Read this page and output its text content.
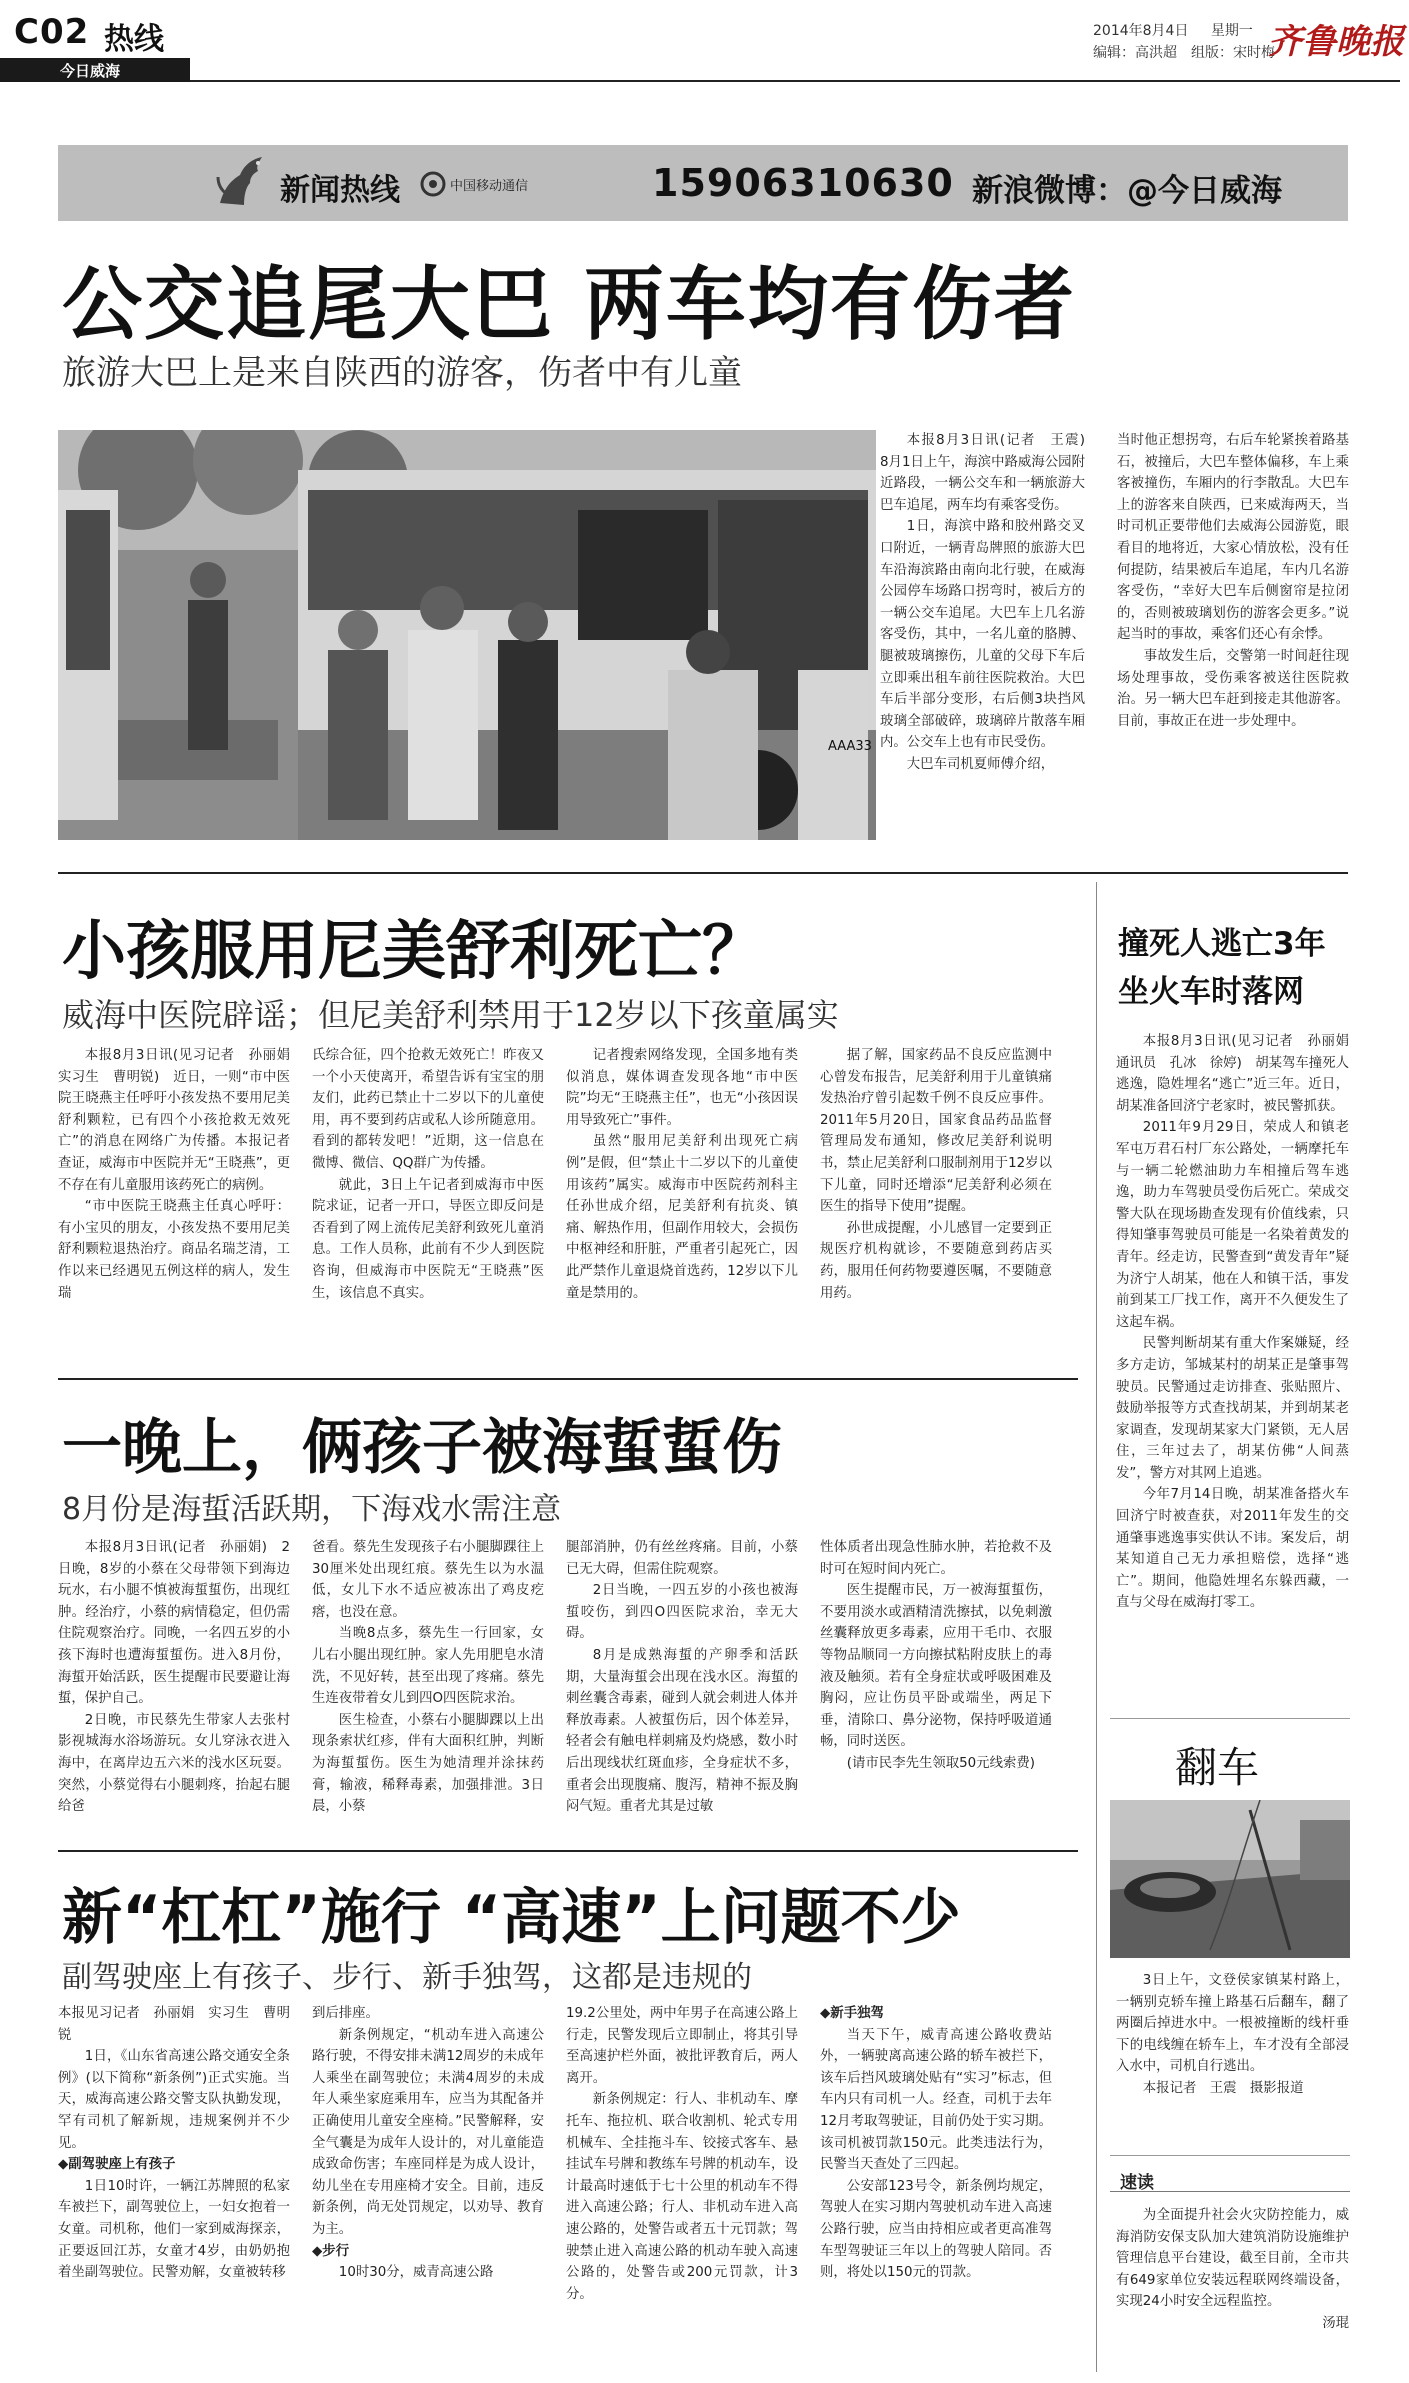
C02 热线
今日威海
2014年8月4日 星期一
编辑：高洪超　组版：宋时梅
齐鲁晚报
新闻热线	中国移动通信	15906310630 新浪微博：@今日威海
公交追尾大巴 两车均有伤者
旅游大巴上是来自陕西的游客，伤者中有儿童
AAA33

本报8月3日讯(记者　王震)　8月1日上午，海滨中路威海公园附近路段，一辆公交车和一辆旅游大巴车追尾，两车均有乘客受伤。

1日，海滨中路和胶州路交叉口附近，一辆青岛牌照的旅游大巴车沿海滨路由南向北行驶，在威海公园停车场路口拐弯时，被后方的一辆公交车追尾。大巴车上几名游客受伤，其中，一名儿童的胳膊、腿被玻璃擦伤，儿童的父母下车后立即乘出租车前往医院救治。大巴车后半部分变形，右后侧3块挡风玻璃全部破碎，玻璃碎片散落车厢内。公交车上也有市民受伤。

大巴车司机夏师傅介绍，

当时他正想拐弯，右后车轮紧挨着路基石，被撞后，大巴车整体偏移，车上乘客被撞伤，车厢内的行李散乱。大巴车上的游客来自陕西，已来威海两天，当时司机正要带他们去威海公园游览，眼看目的地将近，大家心情放松，没有任何提防，结果被后车追尾，车内几名游客受伤，“幸好大巴车后侧窗帘是拉闭的，否则被玻璃划伤的游客会更多。”说起当时的事故，乘客们还心有余悸。

事故发生后，交警第一时间赶往现场处理事故，受伤乘客被送往医院救治。另一辆大巴车赶到接走其他游客。目前，事故正在进一步处理中。

小孩服用尼美舒利死亡？
威海中医院辟谣；但尼美舒利禁用于12岁以下孩童属实

本报8月3日讯(见习记者　孙丽娟　实习生　曹明锐)　近日，一则“市中医院王晓燕主任呼吁小孩发热不要用尼美舒利颗粒，已有四个小孩抢救无效死亡”的消息在网络广为传播。本报记者查证，威海市中医院并无“王晓燕”，更不存在有儿童服用该药死亡的病例。

“市中医院王晓燕主任真心呼吁：有小宝贝的朋友，小孩发热不要用尼美舒利颗粒退热治疗。商品名瑞芝清，工作以来已经遇见五例这样的病人，发生瑞

氏综合征，四个抢救无效死亡！昨夜又一个小天使离开，希望告诉有宝宝的朋友们，此药已禁止十二岁以下的儿童使用，再不要到药店或私人诊所随意用。看到的都转发吧！”近期，这一信息在微博、微信、QQ群广为传播。

就此，3日上午记者到威海市中医院求证，记者一开口，导医立即反问是否看到了网上流传尼美舒利致死儿童消息。工作人员称，此前有不少人到医院咨询，但威海市中医院无“王晓燕”医生，该信息不真实。

记者搜索网络发现，全国多地有类似消息，媒体调查发现各地“市中医院”均无“王晓燕主任”，也无“小孩因误用导致死亡”事件。

虽然“服用尼美舒利出现死亡病例”是假，但“禁止十二岁以下的儿童使用该药”属实。威海市中医院药剂科主任孙世成介绍，尼美舒利有抗炎、镇痛、解热作用，但副作用较大，会损伤中枢神经和肝脏，严重者引起死亡，因此严禁作儿童退烧首选药，12岁以下儿童是禁用的。

据了解，国家药品不良反应监测中心曾发布报告，尼美舒利用于儿童镇痛发热治疗曾引起数千例不良反应事件。2011年5月20日，国家食品药品监督管理局发布通知，修改尼美舒利说明书，禁止尼美舒利口服制剂用于12岁以下儿童，同时还增添“尼美舒利必须在医生的指导下使用”提醒。

孙世成提醒，小儿感冒一定要到正规医疗机构就诊，不要随意到药店买药，服用任何药物要遵医嘱，不要随意用药。

一晚上，俩孩子被海蜇蜇伤
8月份是海蜇活跃期，下海戏水需注意

本报8月3日讯(记者　孙丽娟)　2日晚，8岁的小蔡在父母带领下到海边玩水，右小腿不慎被海蜇蜇伤，出现红肿。经治疗，小蔡的病情稳定，但仍需住院观察治疗。同晚，一名四五岁的小孩下海时也遭海蜇蜇伤。进入8月份，海蜇开始活跃，医生提醒市民要避让海蜇，保护自己。

2日晚，市民蔡先生带家人去张村影视城海水浴场游玩。女儿穿泳衣进入海中，在离岸边五六米的浅水区玩耍。突然，小蔡觉得右小腿刺疼，抬起右腿给爸

爸看。蔡先生发现孩子右小腿脚踝往上30厘米处出现红痕。蔡先生以为水温低，女儿下水不适应被冻出了鸡皮疙瘩，也没在意。

当晚8点多，蔡先生一行回家，女儿右小腿出现红肿。家人先用肥皂水清洗，不见好转，甚至出现了疼痛。蔡先生连夜带着女儿到四O四医院求治。

医生检查，小蔡右小腿脚踝以上出现条索状红疹，伴有大面积红肿，判断为海蜇蜇伤。医生为她清理并涂抹药膏，输液，稀释毒素，加强排泄。3日晨，小蔡

腿部消肿，仍有丝丝疼痛。目前，小蔡已无大碍，但需住院观察。

2日当晚，一四五岁的小孩也被海蜇咬伤，到四O四医院求治，幸无大碍。

8月是成熟海蜇的产卵季和活跃期，大量海蜇会出现在浅水区。海蜇的刺丝囊含毒素，碰到人就会刺进人体并释放毒素。人被蜇伤后，因个体差异，轻者会有触电样刺痛及灼烧感，数小时后出现线状红斑血疹，全身症状不多，重者会出现腹痛、腹泻，精神不振及胸闷气短。重者尤其是过敏

性体质者出现急性肺水肿，若抢救不及时可在短时间内死亡。

医生提醒市民，万一被海蜇蜇伤，不要用淡水或酒精清洗擦拭，以免刺激丝囊释放更多毒素，应用干毛巾、衣服等物品顺同一方向擦拭粘附皮肤上的毒液及触须。若有全身症状或呼吸困难及胸闷，应让伤员平卧或端坐，两足下垂，清除口、鼻分泌物，保持呼吸道通畅，同时送医。

(请市民李先生领取50元线索费)

新“杠杠”施行 “高速”上问题不少
副驾驶座上有孩子、步行、新手独驾，这都是违规的

本报见习记者　孙丽娟　实习生　曹明锐

1日，《山东省高速公路交通安全条例》(以下简称“新条例”)正式实施。当天，威海高速公路交警支队执勤发现，罕有司机了解新规，违规案例并不少见。

◆副驾驶座上有孩子

1日10时许，一辆江苏牌照的私家车被拦下，副驾驶位上，一妇女抱着一女童。司机称，他们一家到威海探亲，正要返回江苏，女童才4岁，由奶奶抱着坐副驾驶位。民警劝解，女童被转移

到后排座。

新条例规定，“机动车进入高速公路行驶，不得安排未满12周岁的未成年人乘坐在副驾驶位；未满4周岁的未成年人乘坐家庭乘用车，应当为其配备并正确使用儿童安全座椅。”民警解释，安全气囊是为成年人设计的，对儿童能造成致命伤害；车座同样是为成人设计，幼儿坐在专用座椅才安全。目前，违反新条例，尚无处罚规定，以劝导、教育为主。

◆步行

10时30分，威青高速公路

19.2公里处，两中年男子在高速公路上行走，民警发现后立即制止，将其引导至高速护栏外面，被批评教育后，两人离开。

新条例规定：行人、非机动车、摩托车、拖拉机、联合收割机、轮式专用机械车、全挂拖斗车、铰接式客车、悬挂试车号牌和教练车号牌的机动车，设计最高时速低于七十公里的机动车不得进入高速公路；行人、非机动车进入高速公路的，处警告或者五十元罚款；驾驶禁止进入高速公路的机动车驶入高速公路的，处警告或200元罚款，计3分。

◆新手独驾

当天下午，威青高速公路收费站外，一辆驶离高速公路的轿车被拦下，该车后挡风玻璃处贴有“实习”标志，但车内只有司机一人。经查，司机于去年12月考取驾驶证，目前仍处于实习期。该司机被罚款150元。此类违法行为，民警当天查处了三四起。

公安部123号令，新条例均规定，驾驶人在实习期内驾驶机动车进入高速公路行驶，应当由持相应或者更高准驾车型驾驶证三年以上的驾驶人陪同。否则，将处以150元的罚款。

撞死人逃亡3年
坐火车时落网

本报8月3日讯(见习记者　孙丽娟　通讯员　孔冰　徐婷)　胡某驾车撞死人逃逸，隐姓埋名“逃亡”近三年。近日，胡某准备回济宁老家时，被民警抓获。

2011年9月29日，荣成人和镇老军屯万君石村厂东公路处，一辆摩托车与一辆二轮燃油助力车相撞后驾车逃逸，助力车驾驶员受伤后死亡。荣成交警大队在现场勘查发现有价值线索，只得知肇事驾驶员可能是一名染着黄发的青年。经走访，民警查到“黄发青年”疑为济宁人胡某，他在人和镇干活，事发前到某工厂找工作，离开不久便发生了这起车祸。

民警判断胡某有重大作案嫌疑，经多方走访，邹城某村的胡某正是肇事驾驶员。民警通过走访排查、张贴照片、鼓励举报等方式查找胡某，并到胡某老家调查，发现胡某家大门紧锁，无人居住，三年过去了，胡某仿佛“人间蒸发”，警方对其网上追逃。

今年7月14日晚，胡某准备搭火车回济宁时被查获，对2011年发生的交通肇事逃逸事实供认不讳。案发后，胡某知道自己无力承担赔偿，选择“逃亡”。期间，他隐姓埋名东躲西藏，一直与父母在威海打零工。

翻车

3日上午，文登侯家镇某村路上，一辆别克轿车撞上路基石后翻车，翻了两圈后掉进水中。一根被撞断的线杆垂下的电线缠在轿车上，车才没有全部浸入水中，司机自行逃出。

本报记者　王震　摄影报道

速读

为全面提升社会火灾防控能力，威海消防安保支队加大建筑消防设施维护管理信息平台建设，截至目前，全市共有649家单位安装远程联网终端设备，实现24小时安全远程监控。

汤琨
